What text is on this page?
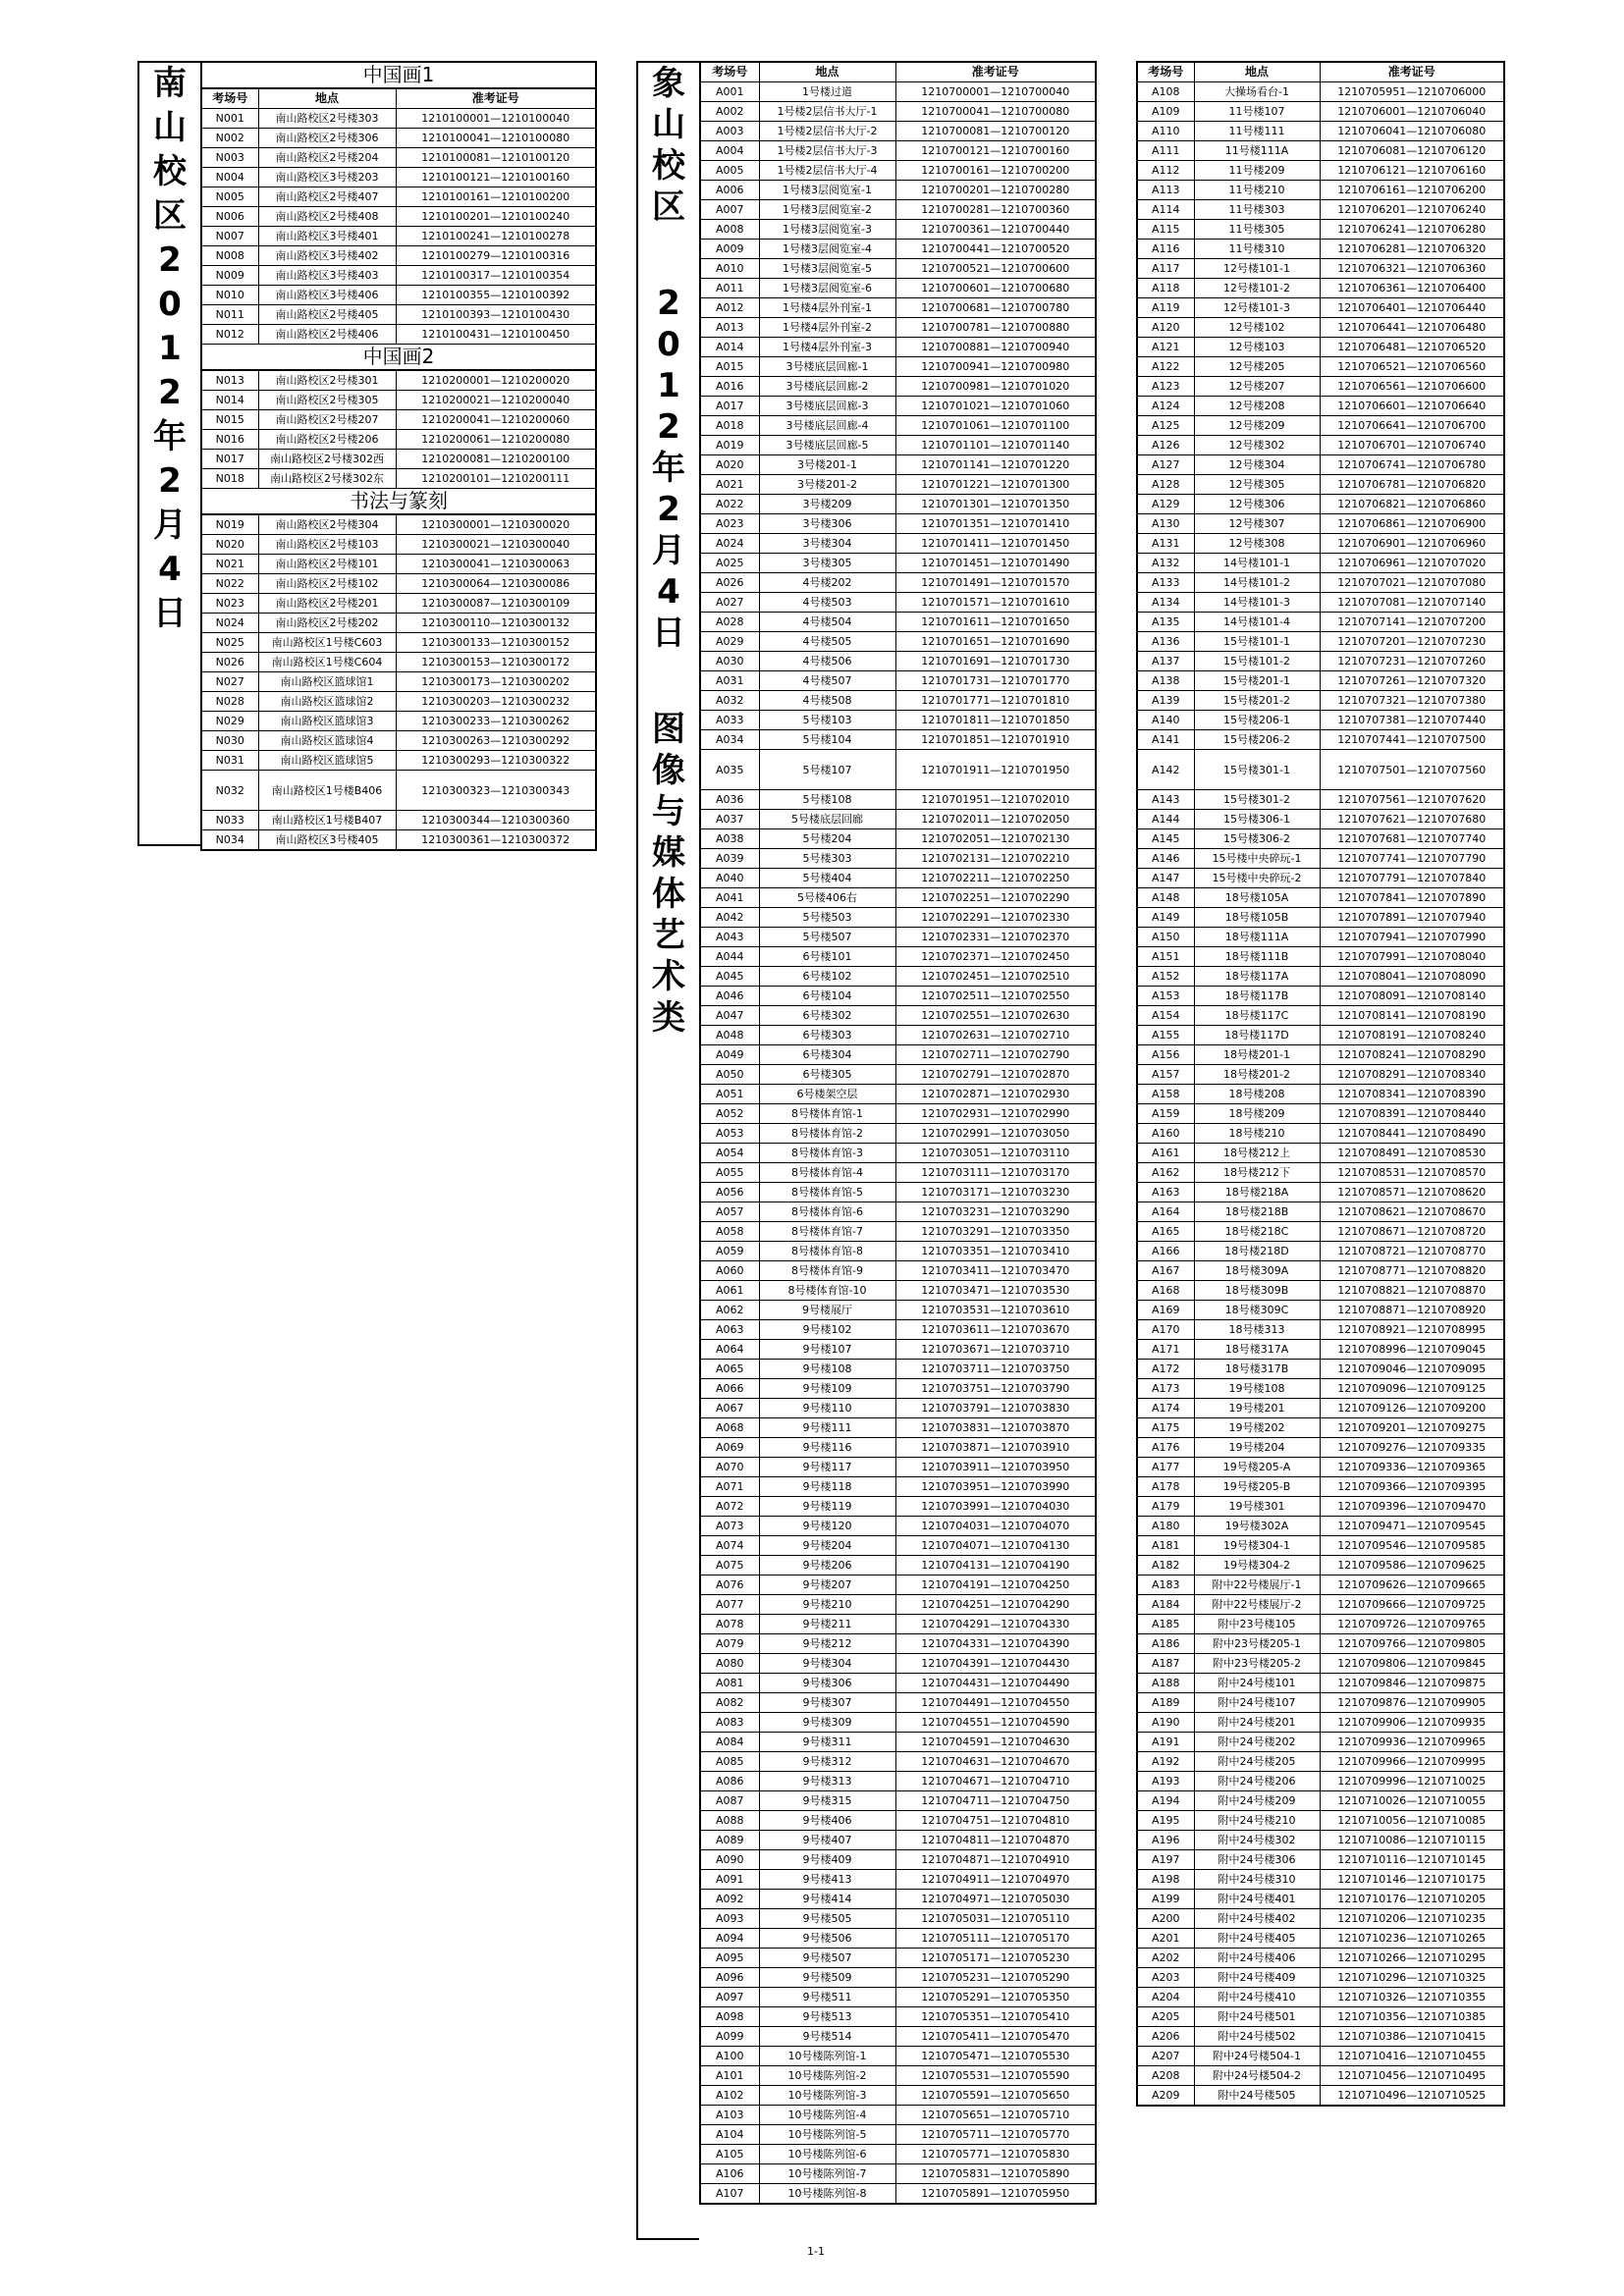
南
山
校
区
2
0
1
2
年
2
月
4
日
中国画1		
考场号	地点	准考证号
N001	南山路校区2号楼303	1210100001—1210100040
N002	南山路校区2号楼306	1210100041—1210100080
N003	南山路校区2号楼204	1210100081—1210100120
N004	南山路校区3号楼203	1210100121—1210100160
N005	南山路校区2号楼407	1210100161—1210100200
N006	南山路校区2号楼408	1210100201—1210100240
N007	南山路校区3号楼401	1210100241—1210100278
N008	南山路校区3号楼402	1210100279—1210100316
N009	南山路校区3号楼403	1210100317—1210100354
N010	南山路校区3号楼406	1210100355—1210100392
N011	南山路校区2号楼405	1210100393—1210100430
N012	南山路校区2号楼406	1210100431—1210100450
中国画2		
N013	南山路校区2号楼301	1210200001—1210200020
N014	南山路校区2号楼305	1210200021—1210200040
N015	南山路校区2号楼207	1210200041—1210200060
N016	南山路校区2号楼206	1210200061—1210200080
N017	南山路校区2号楼302西	1210200081—1210200100
N018	南山路校区2号楼302东	1210200101—1210200111
书法与篆刻		
N019	南山路校区2号楼304	1210300001—1210300020
N020	南山路校区2号楼103	1210300021—1210300040
N021	南山路校区2号楼101	1210300041—1210300063
N022	南山路校区2号楼102	1210300064—1210300086
N023	南山路校区2号楼201	1210300087—1210300109
N024	南山路校区2号楼202	1210300110—1210300132
N025	南山路校区1号楼C603	1210300133—1210300152
N026	南山路校区1号楼C604	1210300153—1210300172
N027	南山路校区篮球馆1	1210300173—1210300202
N028	南山路校区篮球馆2	1210300203—1210300232
N029	南山路校区篮球馆3	1210300233—1210300262
N030	南山路校区篮球馆4	1210300263—1210300292
N031	南山路校区篮球馆5	1210300293—1210300322
N032	南山路校区1号楼B406	1210300323—1210300343
N033	南山路校区1号楼B407	1210300344—1210300360
N034	南山路校区3号楼405	1210300361—1210300372
象
山
校
区
2
0
1
2
年
2
月
4
日
图
像
与
媒
体
艺
术
类
考场号	地点	准考证号
A001	1号楼过道	1210700001—1210700040
A002	1号楼2层信书大厅-1	1210700041—1210700080
A003	1号楼2层信书大厅-2	1210700081—1210700120
A004	1号楼2层信书大厅-3	1210700121—1210700160
A005	1号楼2层信书大厅-4	1210700161—1210700200
A006	1号楼3层阅览室-1	1210700201—1210700280
A007	1号楼3层阅览室-2	1210700281—1210700360
A008	1号楼3层阅览室-3	1210700361—1210700440
A009	1号楼3层阅览室-4	1210700441—1210700520
A010	1号楼3层阅览室-5	1210700521—1210700600
A011	1号楼3层阅览室-6	1210700601—1210700680
A012	1号楼4层外刊室-1	1210700681—1210700780
A013	1号楼4层外刊室-2	1210700781—1210700880
A014	1号楼4层外刊室-3	1210700881—1210700940
A015	3号楼底层回廊-1	1210700941—1210700980
A016	3号楼底层回廊-2	1210700981—1210701020
A017	3号楼底层回廊-3	1210701021—1210701060
A018	3号楼底层回廊-4	1210701061—1210701100
A019	3号楼底层回廊-5	1210701101—1210701140
A020	3号楼201-1	1210701141—1210701220
A021	3号楼201-2	1210701221—1210701300
A022	3号楼209	1210701301—1210701350
A023	3号楼306	1210701351—1210701410
A024	3号楼304	1210701411—1210701450
A025	3号楼305	1210701451—1210701490
A026	4号楼202	1210701491—1210701570
A027	4号楼503	1210701571—1210701610
A028	4号楼504	1210701611—1210701650
A029	4号楼505	1210701651—1210701690
A030	4号楼506	1210701691—1210701730
A031	4号楼507	1210701731—1210701770
A032	4号楼508	1210701771—1210701810
A033	5号楼103	1210701811—1210701850
A034	5号楼104	1210701851—1210701910
A035	5号楼107	1210701911—1210701950
A036	5号楼108	1210701951—1210702010
A037	5号楼底层回廊	1210702011—1210702050
A038	5号楼204	1210702051—1210702130
A039	5号楼303	1210702131—1210702210
A040	5号楼404	1210702211—1210702250
A041	5号楼406右	1210702251—1210702290
A042	5号楼503	1210702291—1210702330
A043	5号楼507	1210702331—1210702370
A044	6号楼101	1210702371—1210702450
A045	6号楼102	1210702451—1210702510
A046	6号楼104	1210702511—1210702550
A047	6号楼302	1210702551—1210702630
A048	6号楼303	1210702631—1210702710
A049	6号楼304	1210702711—1210702790
A050	6号楼305	1210702791—1210702870
A051	6号楼架空层	1210702871—1210702930
A052	8号楼体育馆-1	1210702931—1210702990
A053	8号楼体育馆-2	1210702991—1210703050
A054	8号楼体育馆-3	1210703051—1210703110
A055	8号楼体育馆-4	1210703111—1210703170
A056	8号楼体育馆-5	1210703171—1210703230
A057	8号楼体育馆-6	1210703231—1210703290
A058	8号楼体育馆-7	1210703291—1210703350
A059	8号楼体育馆-8	1210703351—1210703410
A060	8号楼体育馆-9	1210703411—1210703470
A061	8号楼体育馆-10	1210703471—1210703530
A062	9号楼展厅	1210703531—1210703610
A063	9号楼102	1210703611—1210703670
A064	9号楼107	1210703671—1210703710
A065	9号楼108	1210703711—1210703750
A066	9号楼109	1210703751—1210703790
A067	9号楼110	1210703791—1210703830
A068	9号楼111	1210703831—1210703870
A069	9号楼116	1210703871—1210703910
A070	9号楼117	1210703911—1210703950
A071	9号楼118	1210703951—1210703990
A072	9号楼119	1210703991—1210704030
A073	9号楼120	1210704031—1210704070
A074	9号楼204	1210704071—1210704130
A075	9号楼206	1210704131—1210704190
A076	9号楼207	1210704191—1210704250
A077	9号楼210	1210704251—1210704290
A078	9号楼211	1210704291—1210704330
A079	9号楼212	1210704331—1210704390
A080	9号楼304	1210704391—1210704430
A081	9号楼306	1210704431—1210704490
A082	9号楼307	1210704491—1210704550
A083	9号楼309	1210704551—1210704590
A084	9号楼311	1210704591—1210704630
A085	9号楼312	1210704631—1210704670
A086	9号楼313	1210704671—1210704710
A087	9号楼315	1210704711—1210704750
A088	9号楼406	1210704751—1210704810
A089	9号楼407	1210704811—1210704870
A090	9号楼409	1210704871—1210704910
A091	9号楼413	1210704911—1210704970
A092	9号楼414	1210704971—1210705030
A093	9号楼505	1210705031—1210705110
A094	9号楼506	1210705111—1210705170
A095	9号楼507	1210705171—1210705230
A096	9号楼509	1210705231—1210705290
A097	9号楼511	1210705291—1210705350
A098	9号楼513	1210705351—1210705410
A099	9号楼514	1210705411—1210705470
A100	10号楼陈列馆-1	1210705471—1210705530
A101	10号楼陈列馆-2	1210705531—1210705590
A102	10号楼陈列馆-3	1210705591—1210705650
A103	10号楼陈列馆-4	1210705651—1210705710
A104	10号楼陈列馆-5	1210705711—1210705770
A105	10号楼陈列馆-6	1210705771—1210705830
A106	10号楼陈列馆-7	1210705831—1210705890
A107	10号楼陈列馆-8	1210705891—1210705950
考场号	地点	准考证号
A108	大操场看台-1	1210705951—1210706000
A109	11号楼107	1210706001—1210706040
A110	11号楼111	1210706041—1210706080
A111	11号楼111A	1210706081—1210706120
A112	11号楼209	1210706121—1210706160
A113	11号楼210	1210706161—1210706200
A114	11号楼303	1210706201—1210706240
A115	11号楼305	1210706241—1210706280
A116	11号楼310	1210706281—1210706320
A117	12号楼101-1	1210706321—1210706360
A118	12号楼101-2	1210706361—1210706400
A119	12号楼101-3	1210706401—1210706440
A120	12号楼102	1210706441—1210706480
A121	12号楼103	1210706481—1210706520
A122	12号楼205	1210706521—1210706560
A123	12号楼207	1210706561—1210706600
A124	12号楼208	1210706601—1210706640
A125	12号楼209	1210706641—1210706700
A126	12号楼302	1210706701—1210706740
A127	12号楼304	1210706741—1210706780
A128	12号楼305	1210706781—1210706820
A129	12号楼306	1210706821—1210706860
A130	12号楼307	1210706861—1210706900
A131	12号楼308	1210706901—1210706960
A132	14号楼101-1	1210706961—1210707020
A133	14号楼101-2	1210707021—1210707080
A134	14号楼101-3	1210707081—1210707140
A135	14号楼101-4	1210707141—1210707200
A136	15号楼101-1	1210707201—1210707230
A137	15号楼101-2	1210707231—1210707260
A138	15号楼201-1	1210707261—1210707320
A139	15号楼201-2	1210707321—1210707380
A140	15号楼206-1	1210707381—1210707440
A141	15号楼206-2	1210707441—1210707500
A142	15号楼301-1	1210707501—1210707560
A143	15号楼301-2	1210707561—1210707620
A144	15号楼306-1	1210707621—1210707680
A145	15号楼306-2	1210707681—1210707740
A146	15号楼中央碎玩-1	1210707741—1210707790
A147	15号楼中央碎玩-2	1210707791—1210707840
A148	18号楼105A	1210707841—1210707890
A149	18号楼105B	1210707891—1210707940
A150	18号楼111A	1210707941—1210707990
A151	18号楼111B	1210707991—1210708040
A152	18号楼117A	1210708041—1210708090
A153	18号楼117B	1210708091—1210708140
A154	18号楼117C	1210708141—1210708190
A155	18号楼117D	1210708191—1210708240
A156	18号楼201-1	1210708241—1210708290
A157	18号楼201-2	1210708291—1210708340
A158	18号楼208	1210708341—1210708390
A159	18号楼209	1210708391—1210708440
A160	18号楼210	1210708441—1210708490
A161	18号楼212上	1210708491—1210708530
A162	18号楼212下	1210708531—1210708570
A163	18号楼218A	1210708571—1210708620
A164	18号楼218B	1210708621—1210708670
A165	18号楼218C	1210708671—1210708720
A166	18号楼218D	1210708721—1210708770
A167	18号楼309A	1210708771—1210708820
A168	18号楼309B	1210708821—1210708870
A169	18号楼309C	1210708871—1210708920
A170	18号楼313	1210708921—1210708995
A171	18号楼317A	1210708996—1210709045
A172	18号楼317B	1210709046—1210709095
A173	19号楼108	1210709096—1210709125
A174	19号楼201	1210709126—1210709200
A175	19号楼202	1210709201—1210709275
A176	19号楼204	1210709276—1210709335
A177	19号楼205-A	1210709336—1210709365
A178	19号楼205-B	1210709366—1210709395
A179	19号楼301	1210709396—1210709470
A180	19号楼302A	1210709471—1210709545
A181	19号楼304-1	1210709546—1210709585
A182	19号楼304-2	1210709586—1210709625
A183	附中22号楼展厅-1	1210709626—1210709665
A184	附中22号楼展厅-2	1210709666—1210709725
A185	附中23号楼105	1210709726—1210709765
A186	附中23号楼205-1	1210709766—1210709805
A187	附中23号楼205-2	1210709806—1210709845
A188	附中24号楼101	1210709846—1210709875
A189	附中24号楼107	1210709876—1210709905
A190	附中24号楼201	1210709906—1210709935
A191	附中24号楼202	1210709936—1210709965
A192	附中24号楼205	1210709966—1210709995
A193	附中24号楼206	1210709996—1210710025
A194	附中24号楼209	1210710026—1210710055
A195	附中24号楼210	1210710056—1210710085
A196	附中24号楼302	1210710086—1210710115
A197	附中24号楼306	1210710116—1210710145
A198	附中24号楼310	1210710146—1210710175
A199	附中24号楼401	1210710176—1210710205
A200	附中24号楼402	1210710206—1210710235
A201	附中24号楼405	1210710236—1210710265
A202	附中24号楼406	1210710266—1210710295
A203	附中24号楼409	1210710296—1210710325
A204	附中24号楼410	1210710326—1210710355
A205	附中24号楼501	1210710356—1210710385
A206	附中24号楼502	1210710386—1210710415
A207	附中24号楼504-1	1210710416—1210710455
A208	附中24号楼504-2	1210710456—1210710495
A209	附中24号楼505	1210710496—1210710525
1-1
